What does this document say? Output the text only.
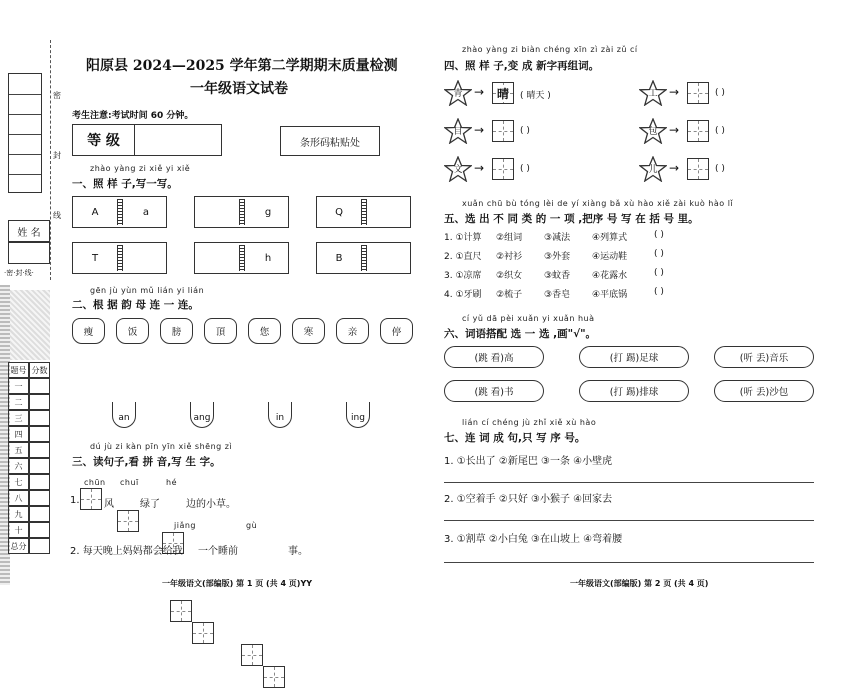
密
封
线
姓 名
·密·封·线·
题号 分数
一
二
三
四
五
六
七
八
九
十
总分
阳原县 2024—2025 学年第二学期期末质量检测
一年级语文试卷
考生注意:考试时间 60 分钟。
等 级	条形码粘贴处
zhào yàng zi xiě yi xiě
一、照 样 子,写一写。
A	a	g	Q
T	h	B
gēn jù yùn mǔ lián yi lián
二、根 据 韵 母 连 一 连。
瘦	饭	膀	頂	您	寒	亲	停
an	ang	in	ing
dú jù zi kàn pīn yīn xiě shēng zì
三、读句子,看 拼 音,写 生 字。
chūn chuī	hé
1. 风	绿了	边的小草。
jiǎng	gù
2. 每天晚上妈妈都会给我 一个睡前	事。
一年级语文(部编版) 第 1 页 (共 4 页)YY
zhào yàng zi biàn chéng xīn zì zài zǔ cí
四、照 样 子,变 成 新字再组词。
青 → 晴 ( 晴天 )	工 →	( )
目 →	( )	包 →	( )
文 →	( )	儿 →	( )
xuǎn chū bù tóng lèi de yí xiàng bǎ xù hào xiě zài kuò hào lǐ
五、选 出 不 同 类 的 一 项 ,把序 号 写 在 括 号 里。
1. ①计算 ②组词 ③减法 ④列算式	( )
2. ①直尺 ②衬衫 ③外套 ④运动鞋	( )
3. ①凉席 ②织女 ③蚊香 ④花露水	( )
4. ①牙刷 ②梳子 ③香皂 ④平底锅	( )
cí yǔ dā pèi xuǎn yi xuǎn huà
六、词语搭配 选 一 选 ,画"√"。
(跳 看)高	(打 踢)足球	(听 丢)音乐
(跳 看)书	(打 踢)排球	(听 丢)沙包
lián cí chéng jù zhǐ xiě xù hào
七、连 词 成 句,只 写 序 号。
1. ①长出了 ②新尾巴 ③一条 ④小壁虎
2. ①空着手 ②只好 ③小猴子 ④回家去
3. ①割草 ②小白兔 ③在山坡上 ④弯着腰
一年级语文(部编版) 第 2 页 (共 4 页)
